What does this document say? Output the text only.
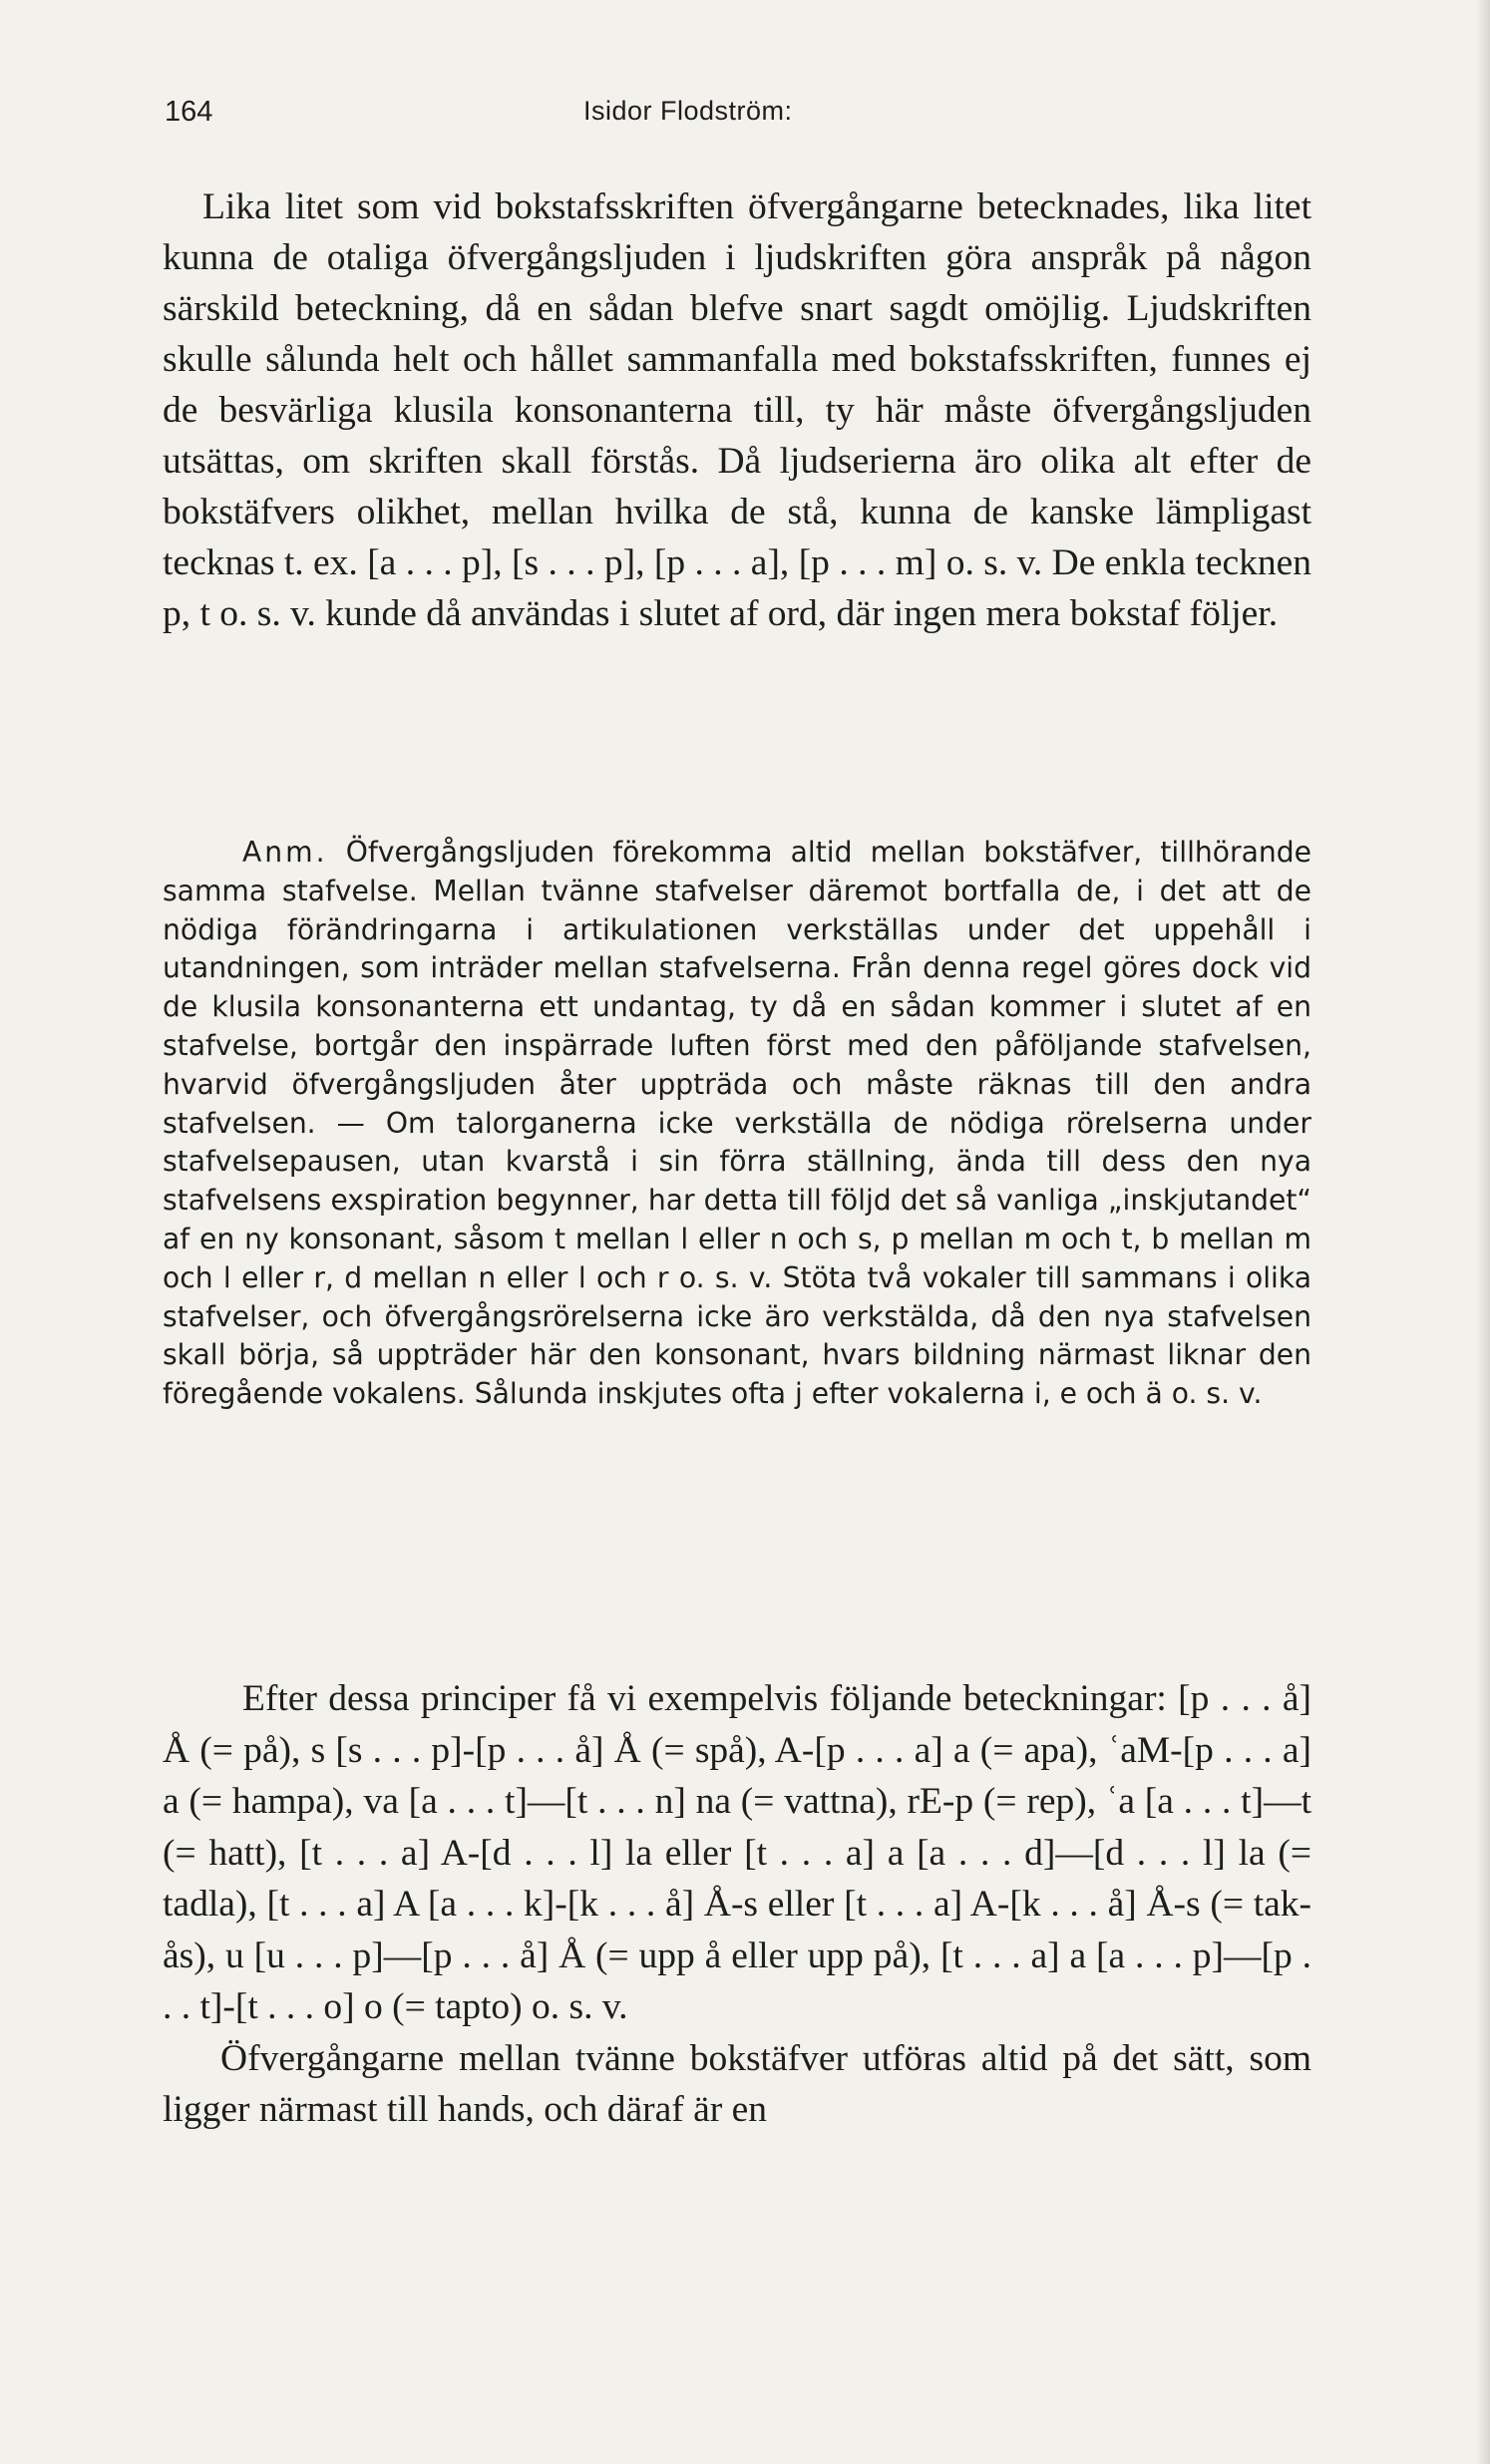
164	Isidor Flodström:

Lika litet som vid bokstafsskriften öfvergångarne betecknades, lika litet kunna de otaliga öfvergångsljuden i ljudskriften göra anspråk på någon särskild beteckning, då en sådan blefve snart sagdt omöjlig. Ljudskriften skulle sålunda helt och hållet sammanfalla med bokstafsskriften, funnes ej de besvärliga klusila konsonanterna till, ty här måste öfvergångsljuden utsättas, om skriften skall förstås. Då ljudserierna äro olika alt efter de bokstäfvers olikhet, mellan hvilka de stå, kunna de kanske lämpligast tecknas t. ex. [a . . . p], [s . . . p], [p . . . a], [p . . . m] o. s. v. De enkla tecknen p, t o. s. v. kunde då användas i slutet af ord, där ingen mera bokstaf följer.

Anm. Öfvergångsljuden förekomma altid mellan bokstäfver, tillhörande samma stafvelse. Mellan tvänne stafvelser däremot bortfalla de, i det att de nödiga förändringarna i artikulationen verkställas under det uppehåll i utandningen, som inträder mellan stafvelserna. Från denna regel göres dock vid de klusila konsonanterna ett undantag, ty då en sådan kommer i slutet af en stafvelse, bortgår den inspärrade luften först med den påföljande stafvelsen, hvarvid öfvergångsljuden åter uppträda och måste räknas till den andra stafvelsen. — Om talorganerna icke verkställa de nödiga rörelserna under stafvelsepausen, utan kvarstå i sin förra ställning, ända till dess den nya stafvelsens exspiration begynner, har detta till följd det så vanliga „inskjutandet“ af en ny konsonant, såsom t mellan l eller n och s, p mellan m och t, b mellan m och l eller r, d mellan n eller l och r o. s. v. Stöta två vokaler till sammans i olika stafvelser, och öfvergångsrörelserna icke äro verkstälda, då den nya stafvelsen skall börja, så uppträder här den konsonant, hvars bildning närmast liknar den föregående vokalens. Sålunda inskjutes ofta j efter vokalerna i, e och ä o. s. v.

Efter dessa principer få vi exempelvis följande beteckningar: [p . . . å] Å (= på), s [s . . . p]-[p . . . å] Å (= spå), A-[p . . . a] a (= apa), ʿaM-[p . . . a] a (= hampa), va [a . . . t]—[t . . . n] na (= vattna), rE-p (= rep), ʿa [a . . . t]—t (= hatt), [t . . . a] A-[d . . . l] la eller [t . . . a] a [a . . . d]—[d . . . l] la (= tadla), [t . . . a] A [a . . . k]-[k . . . å] Å-s eller [t . . . a] A-[k . . . å] Å-s (= tak-ås), u [u . . . p]—[p . . . å] Å (= upp å eller upp på), [t . . . a] a [a . . . p]—[p . . . t]-[t . . . o] o (= tapto) o. s. v.

Öfvergångarne mellan tvänne bokstäfver utföras altid på det sätt, som ligger närmast till hands, och däraf är en
